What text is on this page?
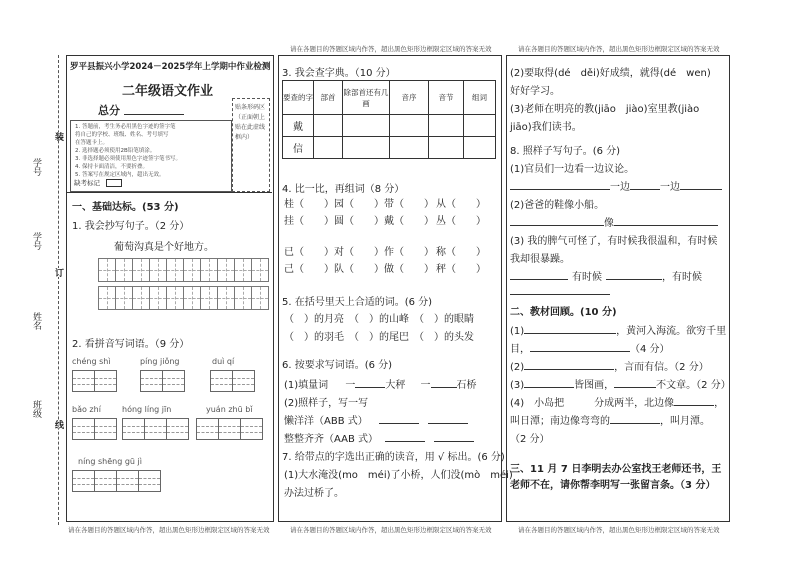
学号
学号
姓名
班级
装
订
线
请在各题目的答题区域内作答，超出黑色矩形边框限定区域的答案无效	请在各题目的答题区域内作答，超出黑色矩形边框限定区域的答案无效
请在各题目的答题区域内作答，超出黑色矩形边框限定区域的答案无效	请在各题目的答题区域内作答，超出黑色矩形边框限定区域的答案无效	请在各题目的答题区域内作答，超出黑色矩形边框限定区域的答案无效
罗平县振兴小学2024－2025学年上学期中作业检测
二年级语文作业
总分
1. 答题前，考生务必用黑色字迹的签字笔
将自己的学校、班级、姓名、考号填写
在答题卡上。
2. 选择题必须使用2B铅笔填涂。
3. 非选择题必须使用黑色字迹签字笔书写。
4. 保持卡面清洁，不要折叠。
5. 答案写在规定区域内，超出无效。
贴条形码区
（正面朝上
贴在此虚线
框内）
缺考标记
一、基础达标。(53 分)
1. 我会抄写句子。（2 分）
葡萄沟真是个好地方。
2. 看拼音写词语。（9 分）
chéng shì	píng jiǒng	duì qí
bǎo zhí	hóng líng jīn	yuán zhū bǐ
níng shēng gū jì
3. 我会查字典。（10 分）
要查的字	部首	除部首还有几画	音序	音节	组词
戴					
信					
4. 比一比，再组词（8 分）
桂（　　） 园（　　） 带（　　） 从（　　）
挂（　　） 圆（　　） 戴（　　） 丛（　　）
已（　　） 对（　　） 作（　　） 称（　　）
己（　　） 队（　　） 做（　　） 秤（　　）
5. 在括号里天上合适的词。(6 分)
（　）的月亮　（　）的山峰　（　）的眼睛
（　）的羽毛　（　）的尾巴　（　）的头发
6. 按要求写词语。(6 分)
(1)填量词 一	大秤 一	石桥
(2)照样子，写一写
懒洋洋（ABB 式）
整整齐齐（AAB 式）
7. 给带点的字选出正确的读音，用 √ 标出。(6 分)
(1)大水淹没(mo　méi)了小桥，人们没(mò　méi)
办法过桥了。
(2)要取得(dé　děi)好成绩，就得(dé　wen)
好好学习。
(3)老师在明亮的教(jiāo　jiào)室里教(jiào
jiāo)我们读书。
8. 照样子写句子。(6 分)
(1)官员们一边看一边议论。
一边	一边
(2)爸爸的鞋像小船。
像
(3) 我的脾气可怪了，有时候我很温和，有时候
我却很暴躁。
有时候	，有时候
二、教材回顾。(10 分)
(1)	，黄河入海流。欲穷千里
目，	（4 分）
(2)	，言而有信。（2 分）
(3)	皆图画，	不文章。（2 分）
(4)　小岛把　　　分成两半，北边像	，
叫日潭；南边像弯弯的	，叫月潭。
（2 分）
三、11 月 7 日李明去办公室找王老师还书，王老师不在，请你帮李明写一张留言条。（3 分）
